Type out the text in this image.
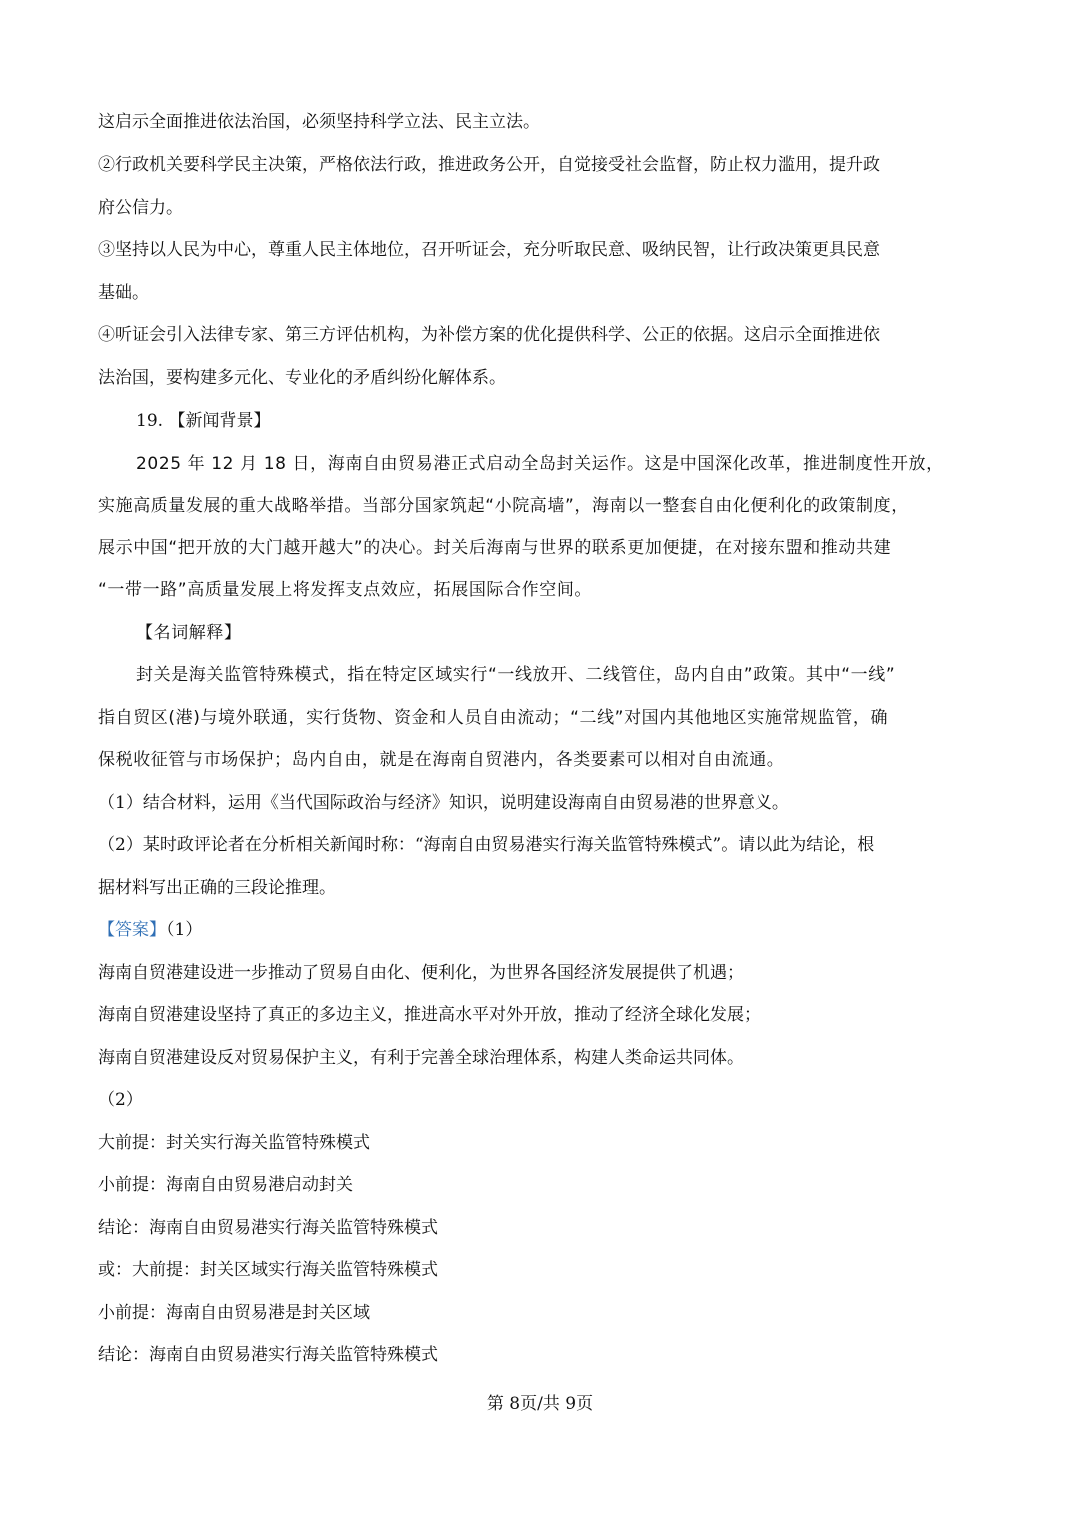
这启示全面推进依法治国，必须坚持科学立法、民主立法。
②行政机关要科学民主决策，严格依法行政，推进政务公开，自觉接受社会监督，防止权力滥用，提升政
府公信力。
③坚持以人民为中心，尊重人民主体地位，召开听证会，充分听取民意、吸纳民智，让行政决策更具民意
基础。
④听证会引入法律专家、第三方评估机构，为补偿方案的优化提供科学、公正的依据。这启示全面推进依
法治国，要构建多元化、专业化的矛盾纠纷化解体系。
19. 【新闻背景】
2025 年 12 月 18 日，海南自由贸易港正式启动全岛封关运作。这是中国深化改革，推进制度性开放，
实施高质量发展的重大战略举措。当部分国家筑起“小院高墙”，海南以一整套自由化便利化的政策制度，
展示中国“把开放的大门越开越大”的决心。封关后海南与世界的联系更加便捷，在对接东盟和推动共建
“一带一路”高质量发展上将发挥支点效应，拓展国际合作空间。
【名词解释】
封关是海关监管特殊模式，指在特定区域实行“一线放开、二线管住，岛内自由”政策。其中“一线”
指自贸区(港)与境外联通，实行货物、资金和人员自由流动；“二线”对国内其他地区实施常规监管，确
保税收征管与市场保护；岛内自由，就是在海南自贸港内，各类要素可以相对自由流通。
（1）结合材料，运用《当代国际政治与经济》知识，说明建设海南自由贸易港的世界意义。
（2）某时政评论者在分析相关新闻时称：“海南自由贸易港实行海关监管特殊模式”。请以此为结论，根
据材料写出正确的三段论推理。
【答案】（1）
海南自贸港建设进一步推动了贸易自由化、便利化，为世界各国经济发展提供了机遇；
海南自贸港建设坚持了真正的多边主义，推进高水平对外开放，推动了经济全球化发展；
海南自贸港建设反对贸易保护主义，有利于完善全球治理体系，构建人类命运共同体。
（2）
大前提：封关实行海关监管特殊模式
小前提：海南自由贸易港启动封关
结论：海南自由贸易港实行海关监管特殊模式
或：大前提：封关区域实行海关监管特殊模式
小前提：海南自由贸易港是封关区域
结论：海南自由贸易港实行海关监管特殊模式
第 8页/共 9页
